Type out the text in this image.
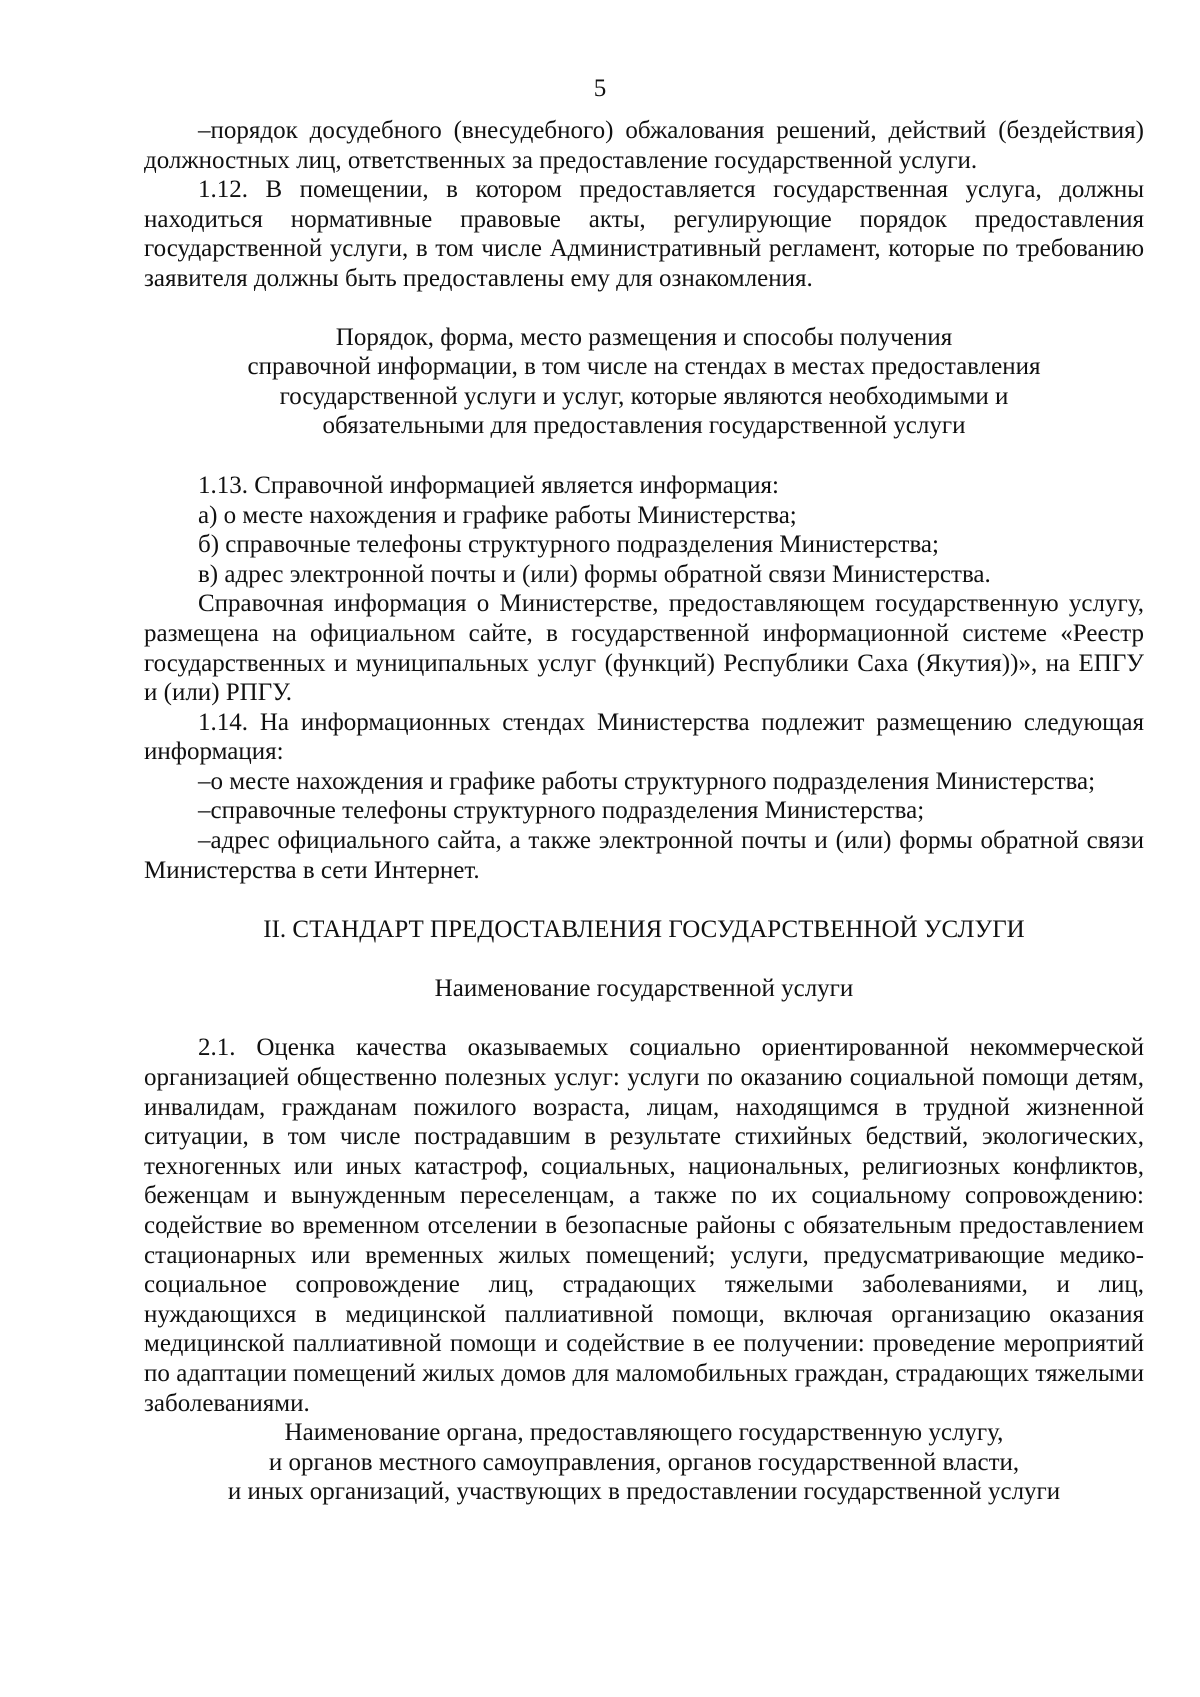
5

–порядок досудебного (внесудебного) обжалования решений, действий (бездействия) должностных лиц, ответственных за предоставление государственной услуги.

1.12. В помещении, в котором предоставляется государственная услуга, должны находиться нормативные правовые акты, регулирующие порядок предоставления государственной услуги, в том числе Административный регламент, которые по требованию заявителя должны быть предоставлены ему для ознакомления.

Порядок, форма, место размещения и способы получения

справочной информации, в том числе на стендах в местах предоставления

государственной услуги и услуг, которые являются необходимыми и

обязательными для предоставления государственной услуги

1.13. Справочной информацией является информация:

а) о месте нахождения и графике работы Министерства;

б) справочные телефоны структурного подразделения Министерства;

в) адрес электронной почты и (или) формы обратной связи Министерства.

Справочная информация о Министерстве, предоставляющем государственную услугу, размещена на официальном сайте, в государственной информационной системе «Реестр государственных и муниципальных услуг (функций) Республики Саха (Якутия))», на ЕПГУ и (или) РПГУ.

1.14. На информационных стендах Министерства подлежит размещению следующая информация:

–о месте нахождения и графике работы структурного подразделения Министерства;

–справочные телефоны структурного подразделения Министерства;

–адрес официального сайта, а также электронной почты и (или) формы обратной связи Министерства в сети Интернет.

II. СТАНДАРТ ПРЕДОСТАВЛЕНИЯ ГОСУДАРСТВЕННОЙ УСЛУГИ

Наименование государственной услуги

2.1. Оценка качества оказываемых социально ориентированной некоммерческой организацией общественно полезных услуг: услуги по оказанию социальной помощи детям, инвалидам, гражданам пожилого возраста, лицам, находящимся в трудной жизненной ситуации, в том числе пострадавшим в результате стихийных бедствий, экологических, техногенных или иных катастроф, социальных, национальных, религиозных конфликтов, беженцам и вынужденным переселенцам, а также по их социальному сопровождению: содействие во временном отселении в безопасные районы с обязательным предоставлением стационарных или временных жилых помещений; услуги, предусматривающие медико-социальное сопровождение лиц, страдающих тяжелыми заболеваниями, и лиц, нуждающихся в медицинской паллиативной помощи, включая организацию оказания медицинской паллиативной помощи и содействие в ее получении: проведение мероприятий по адаптации помещений жилых домов для маломобильных граждан, страдающих тяжелыми заболеваниями.

Наименование органа, предоставляющего государственную услугу,

и органов местного самоуправления, органов государственной власти,

и иных организаций, участвующих в предоставлении государственной услуги
